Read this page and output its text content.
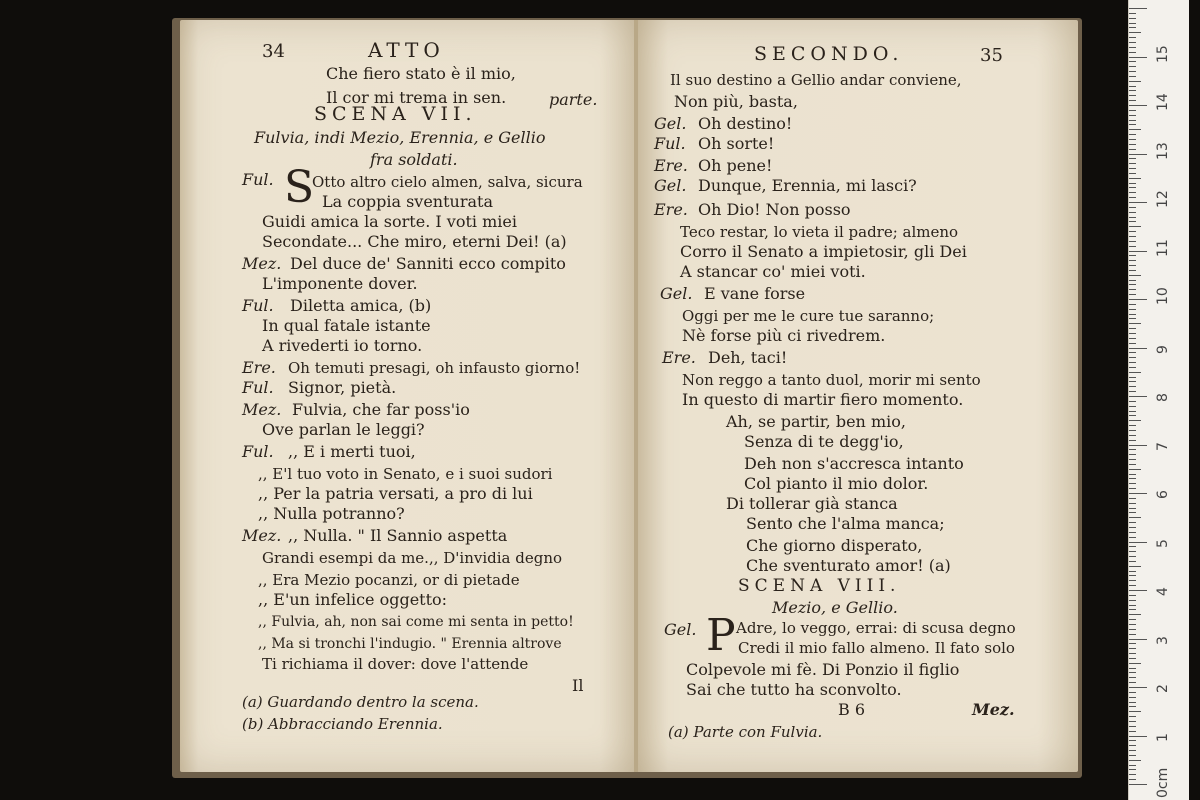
34	ATTO
Che fiero stato è il mio,
Il cor mi trema in sen.	parte.
SCENA VII.
Fulvia, indi Mezio, Erennia, e Gellio
fra soldati.
Ful. S
Otto altro cielo almen, salva, sicura
La coppia sventurata
Guidi amica la sorte. I voti miei
Secondate... Che miro, eterni Dei! (a)
Mez. Del duce de' Sanniti ecco compito
L'imponente dover.
Ful. Diletta amica, (b)
In qual fatale istante
A rivederti io torno.
Ere. Oh temuti presagi, oh infausto giorno!
Ful. Signor, pietà.
Mez. Fulvia, che far poss'io
Ove parlan le leggi?
Ful. ,, E i merti tuoi,
,, E'l tuo voto in Senato, e i suoi sudori
,, Per la patria versati, a pro di lui
,, Nulla potranno?
Mez. ,, Nulla. " Il Sannio aspetta
Grandi esempi da me.,, D'invidia degno
,, Era Mezio pocanzi, or di pietade
,, E'un infelice oggetto:
,, Fulvia, ah, non sai come mi senta in petto!
,, Ma si tronchi l'indugio. " Erennia altrove
Ti richiama il dover: dove l'attende
Il
(a) Guardando dentro la scena.
(b) Abbracciando Erennia.
SECONDO.	35
Il suo destino a Gellio andar conviene,
Non più, basta,
Gel. Oh destino!
Ful. Oh sorte!
Ere. Oh pene!
Gel. Dunque, Erennia, mi lasci?
Ere. Oh Dio! Non posso
Teco restar, lo vieta il padre; almeno
Corro il Senato a impietosir, gli Dei
A stancar co' miei voti.
Gel. E vane forse
Oggi per me le cure tue saranno;
Nè forse più ci rivedrem.
Ere. Deh, taci!
Non reggo a tanto duol, morir mi sento
In questo di martir fiero momento.
Ah, se partir, ben mio,
Senza di te degg'io,
Deh non s'accresca intanto
Col pianto il mio dolor.
Di tollerar già stanca
Sento che l'alma manca;
Che giorno disperato,
Che sventurato amor! (a)
SCENA VIII.
Mezio, e Gellio.
Gel. P Adre, lo veggo, errai: di scusa degno
Credi il mio fallo almeno. Il fato solo
Colpevole mi fè. Di Ponzio il figlio
Sai che tutto ha sconvolto.
B 6	Mez.
(a) Parte con Fulvia.
0cm
1
2
3
4
5
6
7
8
9
10
11
12
13
14
15
